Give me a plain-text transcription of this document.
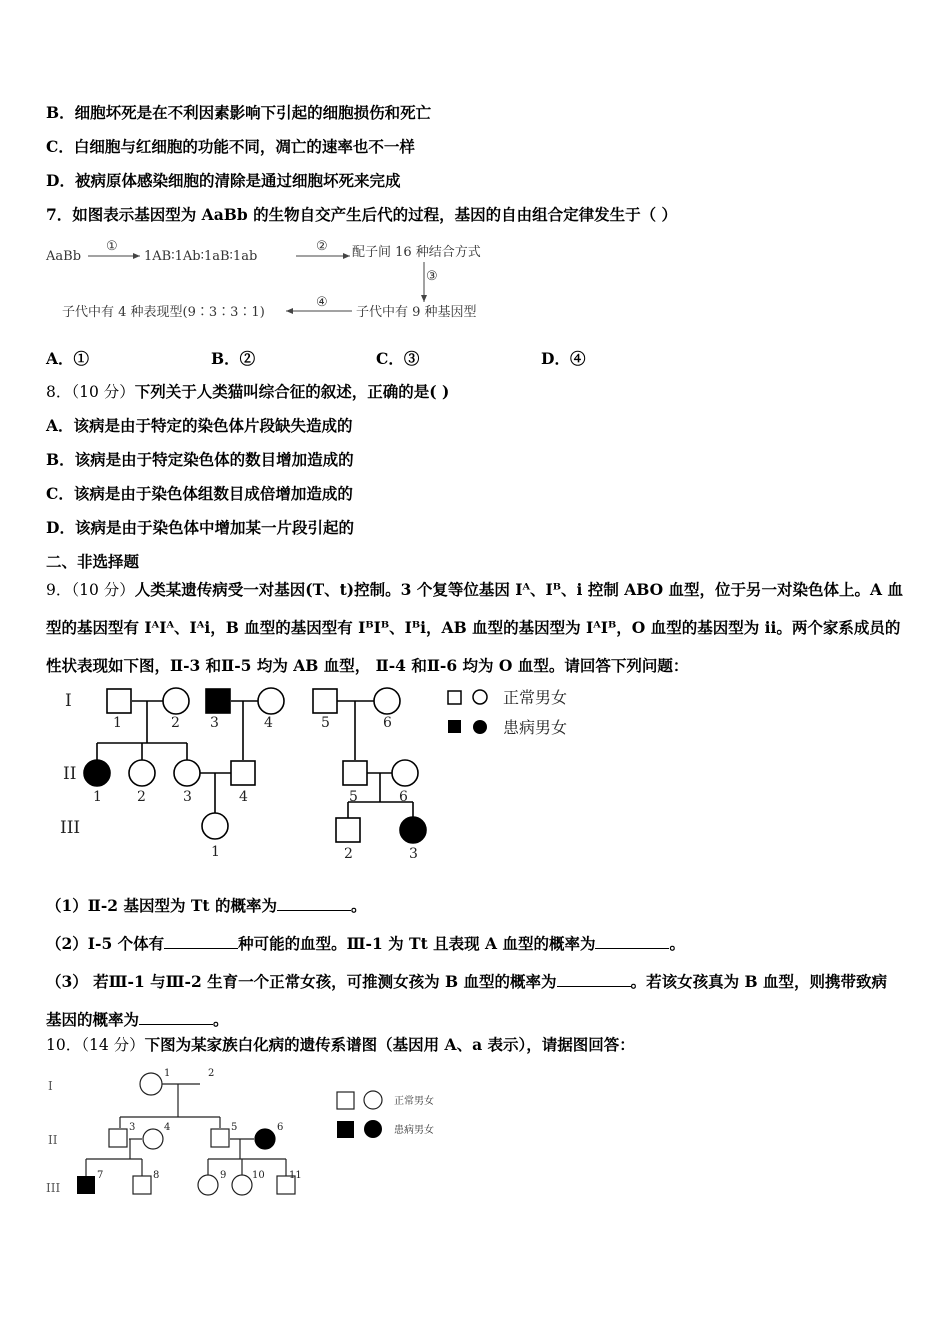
B．细胞坏死是在不利因素影响下引起的细胞损伤和死亡
C．白细胞与红细胞的功能不同，凋亡的速率也不一样
D．被病原体感染细胞的清除是通过细胞坏死来完成
7．如图表示基因型为 AaBb 的生物自交产生后代的过程，基因的自由组合定律发生于（ ）
AaBb
①
1AB∶1Ab∶1aB∶1ab
② 配子间 16 种结合方式
③
子代中有 9 种基因型
④
子代中有 4 种表现型(9∶3∶3∶1)
A．①	B．②	C．③	D．④
8．（10 分）下列关于人类猫叫综合征的叙述，正确的是( )
A．该病是由于特定的染色体片段缺失造成的
B．该病是由于特定染色体的数目增加造成的
C．该病是由于染色体组数目成倍增加造成的
D．该病是由于染色体中增加某一片段引起的
二、非选择题
9．（10 分）人类某遗传病受一对基因(T、t)控制。3 个复等位基因 Iᴬ、Iᴮ、i 控制 ABO 血型，位于另一对染色体上。A 血
型的基因型有 IᴬIᴬ、Iᴬi，B 血型的基因型有 IᴮIᴮ、Iᴮi，AB 血型的基因型为 IᴬIᴮ，O 血型的基因型为 ii。两个家系成员的
性状表现如下图，Ⅱ-3 和Ⅱ-5 均为 AB 血型， Ⅱ-4 和Ⅱ-6 均为 O 血型。请回答下列问题：
I
II
III
1	2 3	4	5	6
1	2	3	4	5	6
1	2	3
正常男女
患病男女
（1）Ⅱ-2 基因型为 Tt 的概率为	。
（2）Ⅰ-5 个体有	种可能的血型。Ⅲ-1 为 Tt 且表现 A 血型的概率为	。
（3） 若Ⅲ-1 与Ⅲ-2 生育一个正常女孩，可推测女孩为 B 血型的概率为	。若该女孩真为 B 血型，则携带致病
基因的概率为	。
10．（14 分）下图为某家族白化病的遗传系谱图（基因用 A、a 表示），请据图回答：
I
II
III
1	2
3	4	5	6
7	8	9	10 11
正常男女
患病男女
